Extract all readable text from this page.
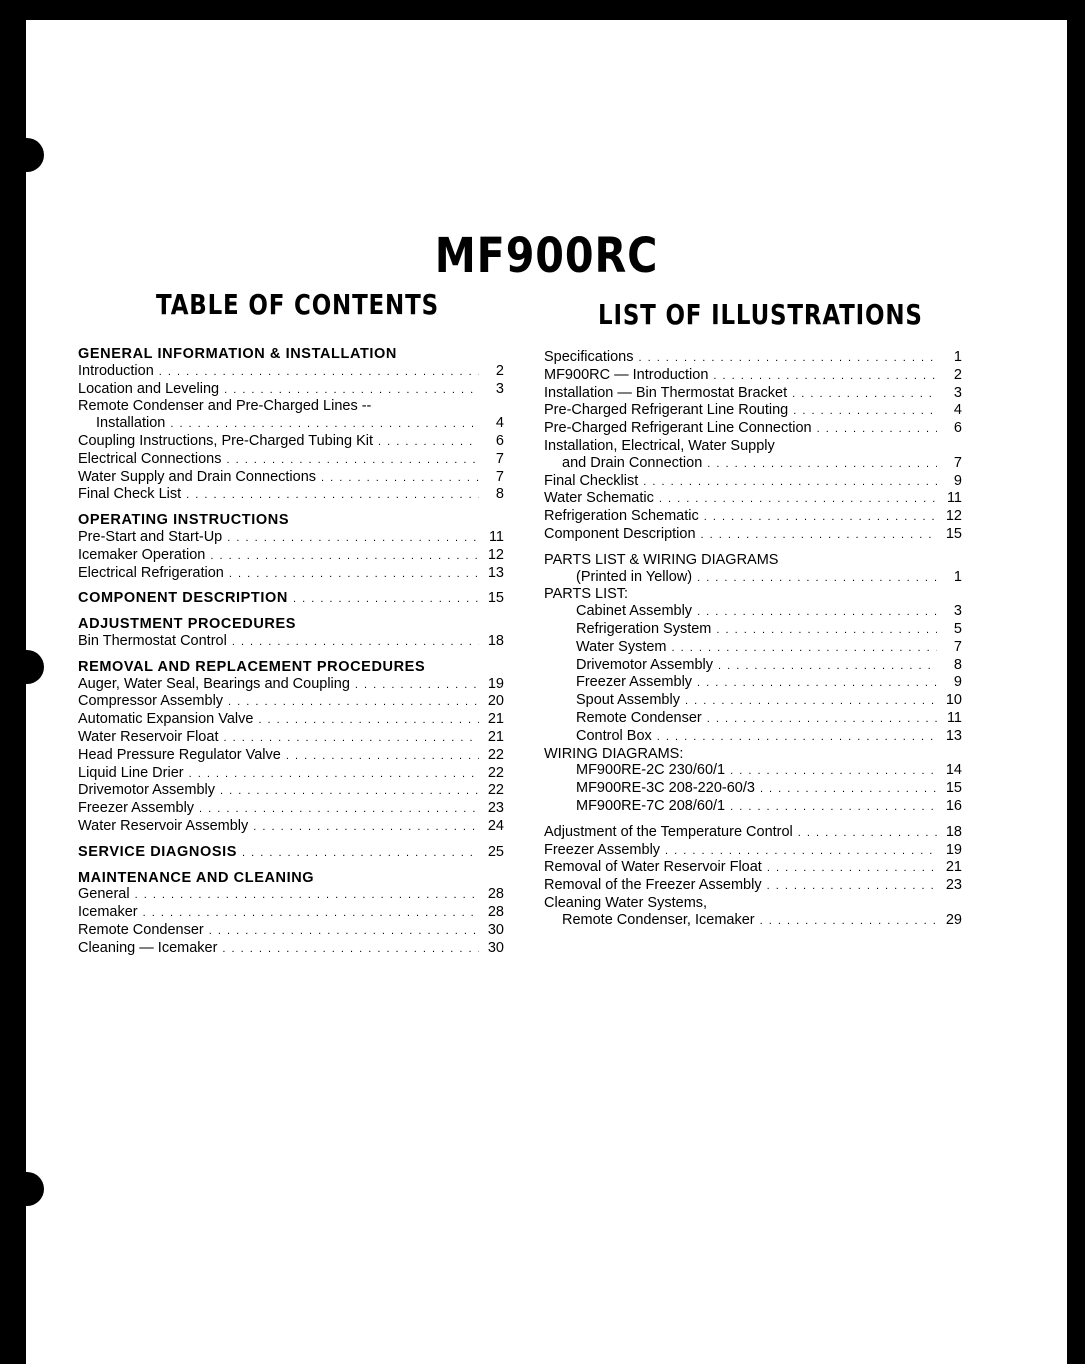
MF900RC
TABLE OF CONTENTS	LIST OF ILLUSTRATIONS
GENERAL INFORMATION & INSTALLATION
Introduction . . .	2
Location and Leveling . . .	3
Remote Condenser and Pre-Charged Lines --
Installation . . .	4
Coupling Instructions, Pre-Charged Tubing Kit . . .	6
Electrical Connections . . .	7
Water Supply and Drain Connections . . .	7
Final Check List . . .	8
OPERATING INSTRUCTIONS
Pre-Start and Start-Up . . .	11
Icemaker Operation . . .	12
Electrical Refrigeration . . .	13
COMPONENT DESCRIPTION . . .	15
ADJUSTMENT PROCEDURES
Bin Thermostat Control . . .	18
REMOVAL AND REPLACEMENT PROCEDURES
Auger, Water Seal, Bearings and Coupling . . .	19
Compressor Assembly . . .	20
Automatic Expansion Valve . . .	21
Water Reservoir Float . . .	21
Head Pressure Regulator Valve . . .	22
Liquid Line Drier . . .	22
Drivemotor Assembly . . .	22
Freezer Assembly . . .	23
Water Reservoir Assembly . . .	24
SERVICE DIAGNOSIS . . .	25
MAINTENANCE AND CLEANING
General . . .	28
Icemaker . . .	28
Remote Condenser . . .	30
Cleaning — Icemaker . . .	30
Specifications . . .	1
MF900RC — Introduction . . .	2
Installation — Bin Thermostat Bracket . . .	3
Pre-Charged Refrigerant Line Routing . . .	4
Pre-Charged Refrigerant Line Connection . . .	6
Installation, Electrical, Water Supply
and Drain Connection . . .	7
Final Checklist . . .	9
Water Schematic . . .	11
Refrigeration Schematic . . .	12
Component Description . . .	15
PARTS LIST & WIRING DIAGRAMS
(Printed in Yellow) . . .	1
PARTS LIST:
Cabinet Assembly . . .	3
Refrigeration System . . .	5
Water System . . .	7
Drivemotor Assembly . . .	8
Freezer Assembly . . .	9
Spout Assembly . . .	10
Remote Condenser . . .	11
Control Box . . .	13
WIRING DIAGRAMS:
MF900RE-2C 230/60/1 . . .	14
MF900RE-3C 208-220-60/3 . . .	15
MF900RE-7C 208/60/1 . . .	16
Adjustment of the Temperature Control . . .	18
Freezer Assembly . . .	19
Removal of Water Reservoir Float . . .	21
Removal of the Freezer Assembly . . .	23
Cleaning Water Systems,
Remote Condenser, Icemaker . . .	29
